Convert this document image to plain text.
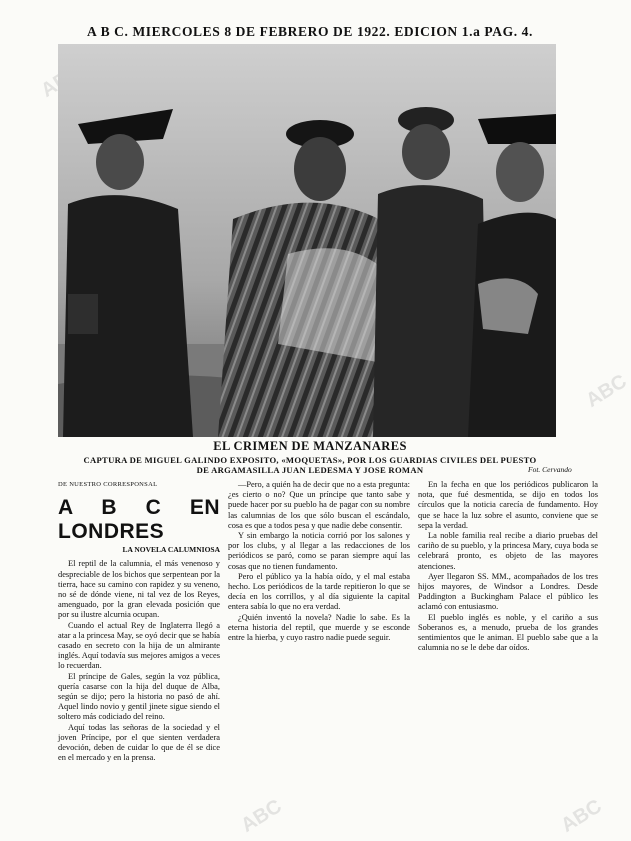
ABC	ABC
ABC
A B C. MIERCOLES 8 DE FEBRERO DE 1922. EDICION 1.a PAG. 4.
EL CRIMEN DE MANZANARES
CAPTURA DE MIGUEL GALINDO EXPOSITO, «MOQUETAS», POR LOS GUARDIAS CIVILES DEL PUESTO
DE ARGAMASILLA JUAN LEDESMA Y JOSE ROMAN	Fot. Cervando

DE NUESTRO CORRESPONSAL

A B C EN LONDRES

LA NOVELA CALUMNIOSA

El reptil de la calumnia, el más venenoso y despreciable de los bichos que serpentean por la tierra, hace su camino con rapidez y su veneno, no sé de dónde viene, ni tal vez de los Reyes, amenguado, por la gran elevada posición que por su ilustre alcurnia ocupan.

Cuando el actual Rey de Inglaterra llegó a atar a la princesa May, se oyó decir que se había casado en secreto con la hija de un almirante inglés. Aquí todavía sus mejores amigos a veces lo recuerdan.

El príncipe de Gales, según la voz pública, quería casarse con la hija del duque de Alba, según se dijo; pero la historia no pasó de ahí. Aquel lindo novio y gentil jinete sigue siendo el soltero más codiciado del reino.

Aquí todas las señoras de la sociedad y el joven Príncipe, por el que sienten verdadera devoción, deben de cuidar lo que de él se dice en el mercado y en la prensa.

—Pero, a quién ha de decir que no a esta pregunta: ¿es cierto o no? Que un príncipe que tanto sabe y puede hacer por su pueblo ha de pagar con su nombre las calumnias de los que sólo buscan el escándalo, cosa es que a todos pesa y que nadie debe consentir.

Y sin embargo la noticia corrió por los salones y por los clubs, y al llegar a las redacciones de los periódicos se paró, como se paran siempre aquí las cosas que no tienen fundamento.

Pero el público ya la había oído, y el mal estaba hecho. Los periódicos de la tarde repitieron lo que se decía en los corrillos, y al día siguiente la capital entera sabía lo que no era verdad.

¿Quién inventó la novela? Nadie lo sabe. Es la eterna historia del reptil, que muerde y se esconde entre la hierba, y cuyo rastro nadie puede seguir.

En la fecha en que los periódicos publicaron la nota, que fué desmentida, se dijo en todos los círculos que la noticia carecía de fundamento. Hoy que se hace la luz sobre el asunto, conviene que se sepa la verdad.

La noble familia real recibe a diario pruebas del cariño de su pueblo, y la princesa Mary, cuya boda se celebrará pronto, es objeto de las mayores atenciones.

Ayer llegaron SS. MM., acompañados de los tres hijos mayores, de Windsor a Londres. Desde Paddington a Buckingham Palace el público les aclamó con entusiasmo.

El pueblo inglés es noble, y el cariño a sus Soberanos es, a menudo, prueba de los grandes sentimientos que le animan. El pueblo sabe que a la calumnia no se le debe dar oídos.
